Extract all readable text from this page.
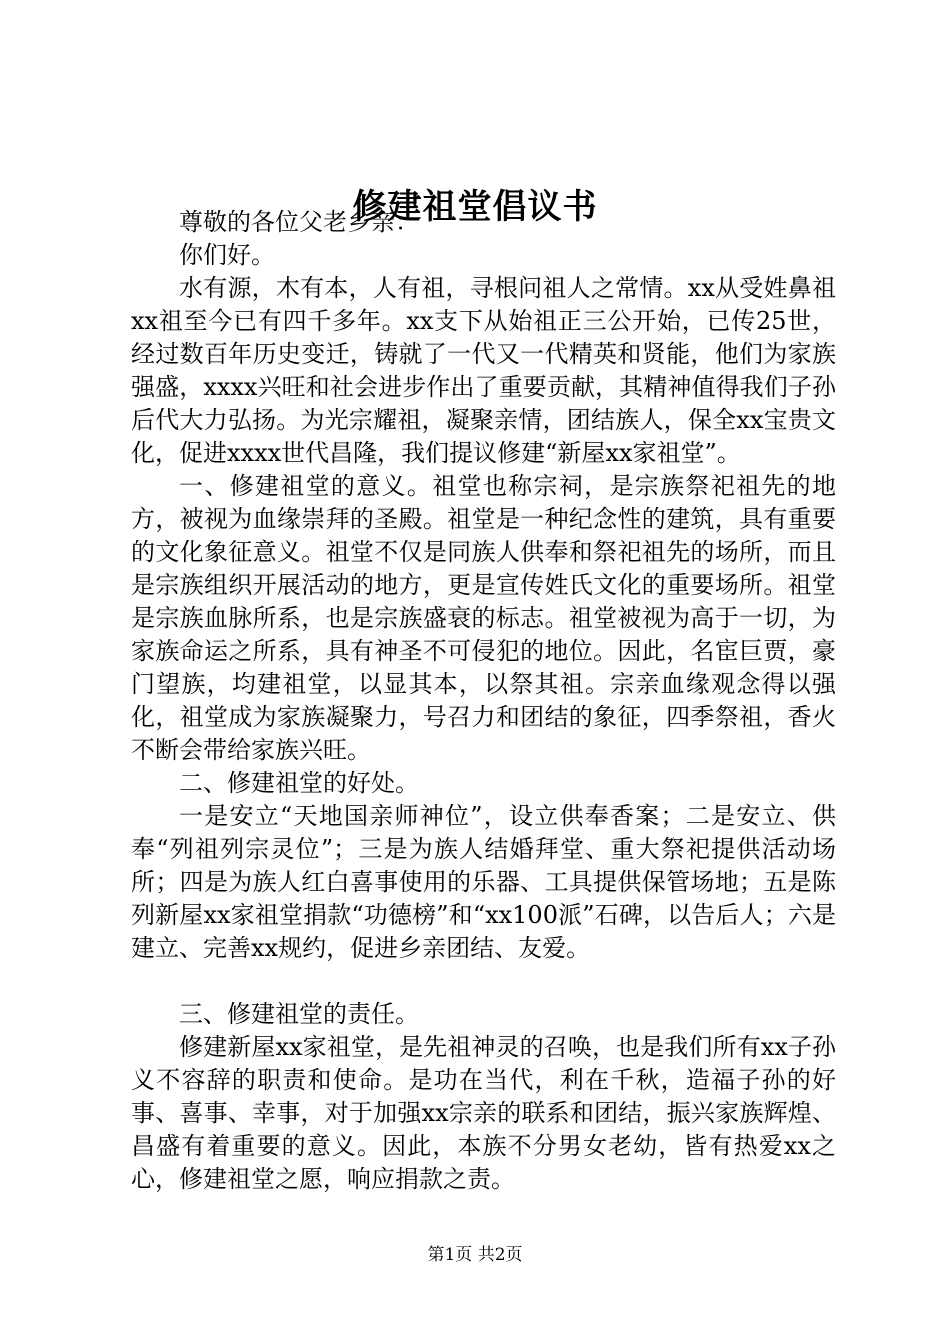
修建祖堂倡议书

尊敬的各位父老乡亲：

你们好。

水有源，木有本，人有祖，寻根问祖人之常情。xx从受姓鼻祖xx祖至今已有四千多年。xx支下从始祖正三公开始，已传25世，经过数百年历史变迁，铸就了一代又一代精英和贤能，他们为家族强盛，xxxx兴旺和社会进步作出了重要贡献，其精神值得我们子孙后代大力弘扬。为光宗耀祖，凝聚亲情，团结族人，保全xx宝贵文化，促进xxxx世代昌隆，我们提议修建“新屋xx家祖堂”。

一、修建祖堂的意义。祖堂也称宗祠，是宗族祭祀祖先的地方，被视为血缘崇拜的圣殿。祖堂是一种纪念性的建筑，具有重要的文化象征意义。祖堂不仅是同族人供奉和祭祀祖先的场所，而且是宗族组织开展活动的地方，更是宣传姓氏文化的重要场所。祖堂是宗族血脉所系，也是宗族盛衰的标志。祖堂被视为高于一切，为家族命运之所系，具有神圣不可侵犯的地位。因此，名宦巨贾，豪门望族，均建祖堂，以显其本，以祭其祖。宗亲血缘观念得以强化，祖堂成为家族凝聚力，号召力和团结的象征，四季祭祖，香火不断会带给家族兴旺。

二、修建祖堂的好处。

一是安立“天地国亲师神位”，设立供奉香案；二是安立、供奉“列祖列宗灵位”；三是为族人结婚拜堂、重大祭祀提供活动场所；四是为族人红白喜事使用的乐器、工具提供保管场地；五是陈列新屋xx家祖堂捐款“功德榜”和“xx100派”石碑，以告后人；六是建立、完善xx规约，促进乡亲团结、友爱。

三、修建祖堂的责任。

修建新屋xx家祖堂，是先祖神灵的召唤，也是我们所有xx子孙义不容辞的职责和使命。是功在当代，利在千秋，造福子孙的好事、喜事、幸事，对于加强xx宗亲的联系和团结，振兴家族辉煌、昌盛有着重要的意义。因此，本族不分男女老幼，皆有热爱xx之心，修建祖堂之愿，响应捐款之责。

第1页 共2页
